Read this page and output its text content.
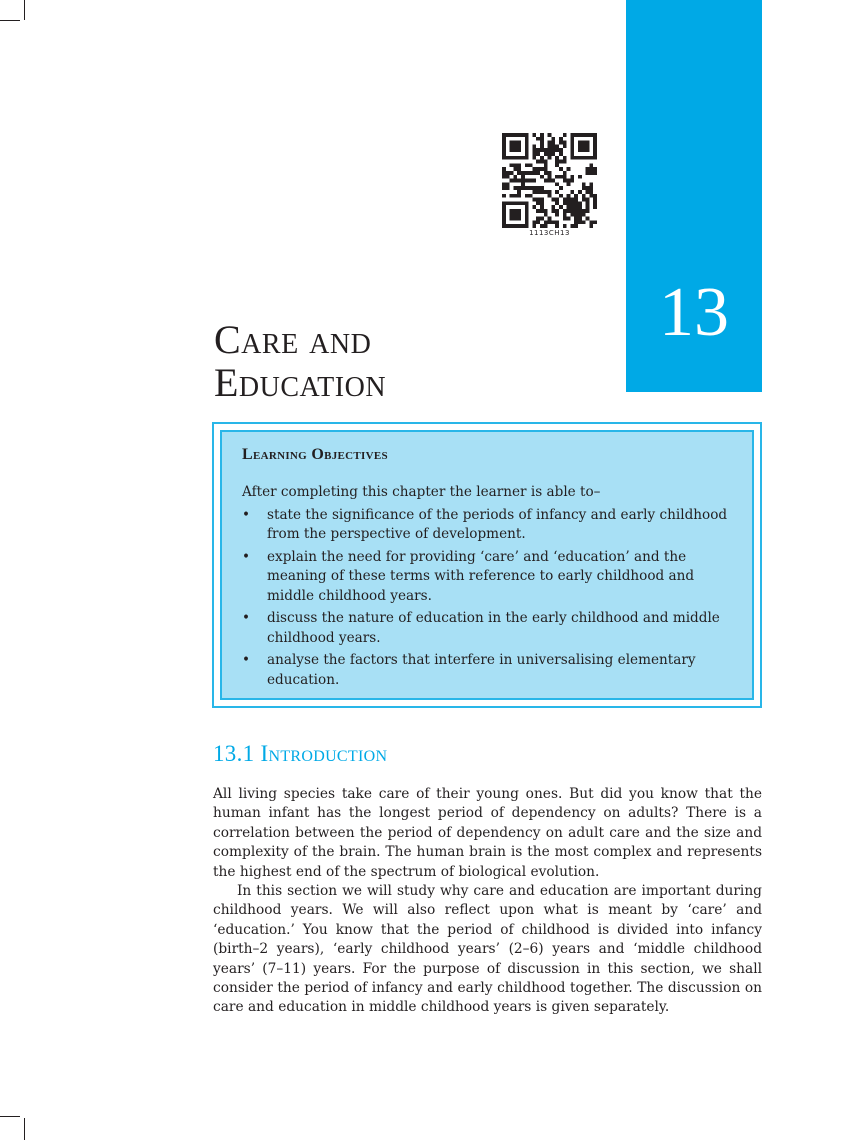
13
1113CH13
Care and
Education
Learning Objectives

After completing this chapter the learner is able to–

• state the significance of the periods of infancy and early childhood from the perspective of development.
• explain the need for providing ‘care’ and ‘education’ and the meaning of these terms with reference to early childhood and middle childhood years.
• discuss the nature of education in the early childhood and middle childhood years.
• analyse the factors that interfere in universalising elementary education.
13.1 Introduction

All living species take care of their young ones. But did you know that the human infant has the longest period of dependency on adults? There is a correlation between the period of dependency on adult care and the size and complexity of the brain. The human brain is the most complex and represents the highest end of the spectrum of biological evolution.

In this section we will study why care and education are important during childhood years. We will also reflect upon what is meant by ‘care’ and ‘education.’ You know that the period of childhood is divided into infancy (birth–2 years), ‘early childhood years’ (2–6) years and ‘middle childhood years’ (7–11) years. For the purpose of discussion in this section, we shall consider the period of infancy and early childhood together. The discussion on care and education in middle childhood years is given separately.
